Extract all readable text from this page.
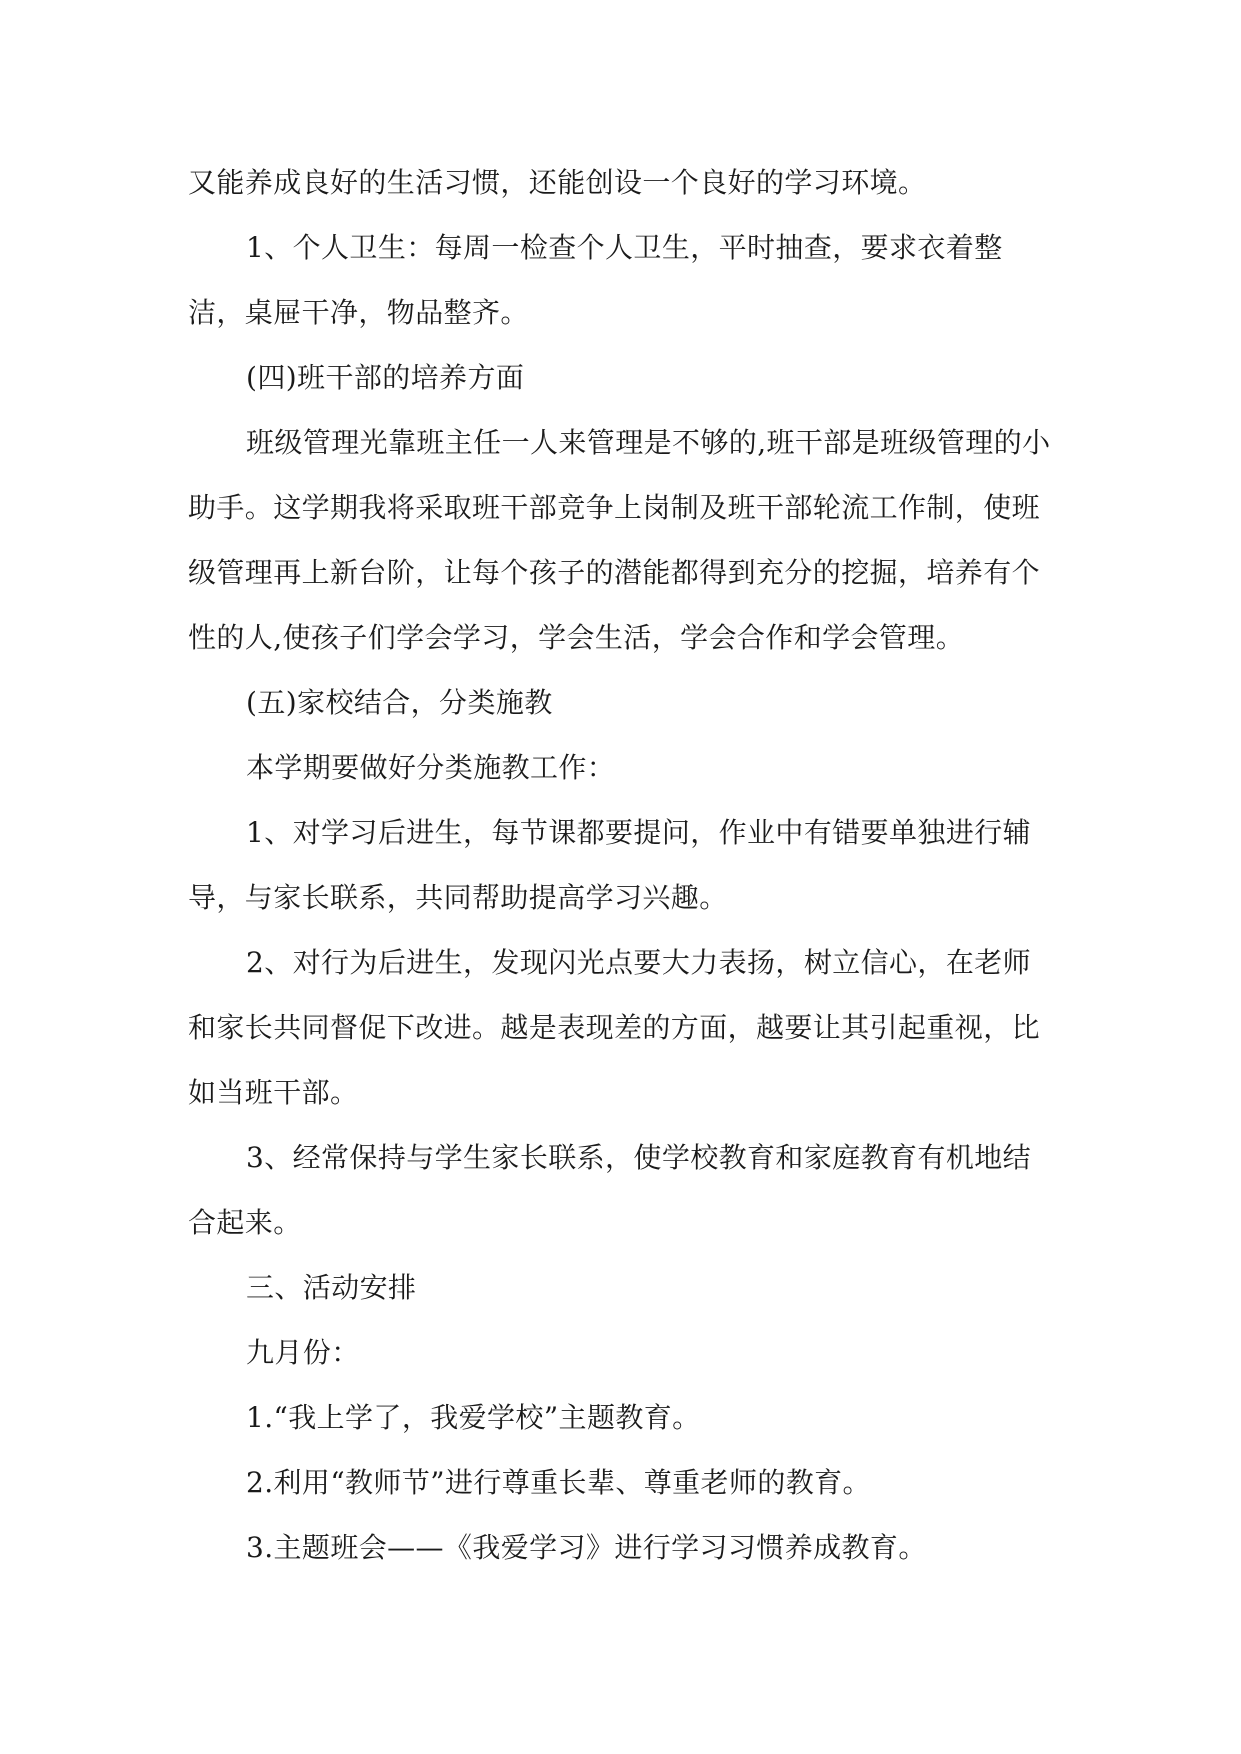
又能养成良好的生活习惯，还能创设一个良好的学习环境。

1、个人卫生：每周一检查个人卫生，平时抽查，要求衣着整洁，桌屉干净，物品整齐。

(四)班干部的培养方面

班级管理光靠班主任一人来管理是不够的,班干部是班级管理的小助手。这学期我将采取班干部竞争上岗制及班干部轮流工作制，使班级管理再上新台阶，让每个孩子的潜能都得到充分的挖掘，培养有个性的人,使孩子们学会学习，学会生活，学会合作和学会管理。

(五)家校结合，分类施教

本学期要做好分类施教工作：

1、对学习后进生，每节课都要提问，作业中有错要单独进行辅导，与家长联系，共同帮助提高学习兴趣。

2、对行为后进生，发现闪光点要大力表扬，树立信心，在老师和家长共同督促下改进。越是表现差的方面，越要让其引起重视，比如当班干部。

3、经常保持与学生家长联系，使学校教育和家庭教育有机地结合起来。

三、活动安排

九月份：

1.“我上学了，我爱学校”主题教育。

2.利用“教师节”进行尊重长辈、尊重老师的教育。

3.主题班会——《我爱学习》进行学习习惯养成教育。
